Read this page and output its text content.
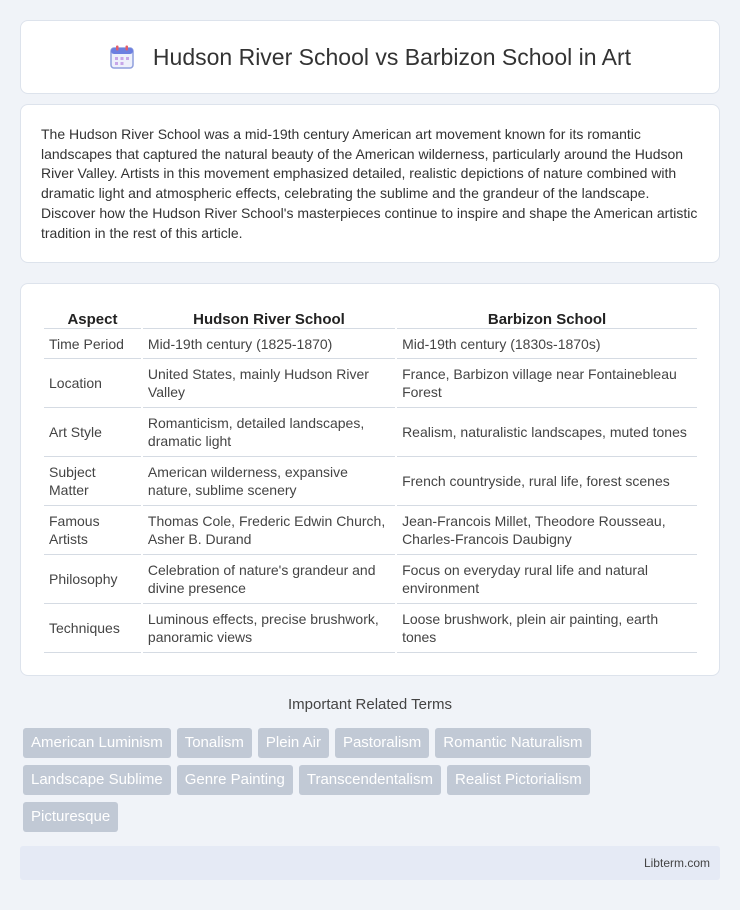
Hudson River School vs Barbizon School in Art

The Hudson River School was a mid-19th century American art movement known for its romantic landscapes that captured the natural beauty of the American wilderness, particularly around the Hudson River Valley. Artists in this movement emphasized detailed, realistic depictions of nature combined with dramatic light and atmospheric effects, celebrating the sublime and the grandeur of the landscape. Discover how the Hudson River School's masterpieces continue to inspire and shape the American artistic tradition in the rest of this article.

Aspect	Hudson River School	Barbizon School
Time Period	Mid-19th century (1825-1870)	Mid-19th century (1830s-1870s)
Location	United States, mainly Hudson River Valley	France, Barbizon village near Fontainebleau Forest
Art Style	Romanticism, detailed landscapes, dramatic light	Realism, naturalistic landscapes, muted tones
Subject Matter	American wilderness, expansive nature, sublime scenery	French countryside, rural life, forest scenes
Famous Artists	Thomas Cole, Frederic Edwin Church, Asher B. Durand	Jean-Francois Millet, Theodore Rousseau, Charles-Francois Daubigny
Philosophy	Celebration of nature's grandeur and divine presence	Focus on everyday rural life and natural environment
Techniques	Luminous effects, precise brushwork, panoramic views	Loose brushwork, plein air painting, earth tones
Important Related Terms
American Luminism	Tonalism	Plein Air	Pastoralism	Romantic Naturalism
Landscape Sublime	Genre Painting	Transcendentalism	Realist Pictorialism
Picturesque
Libterm.com
